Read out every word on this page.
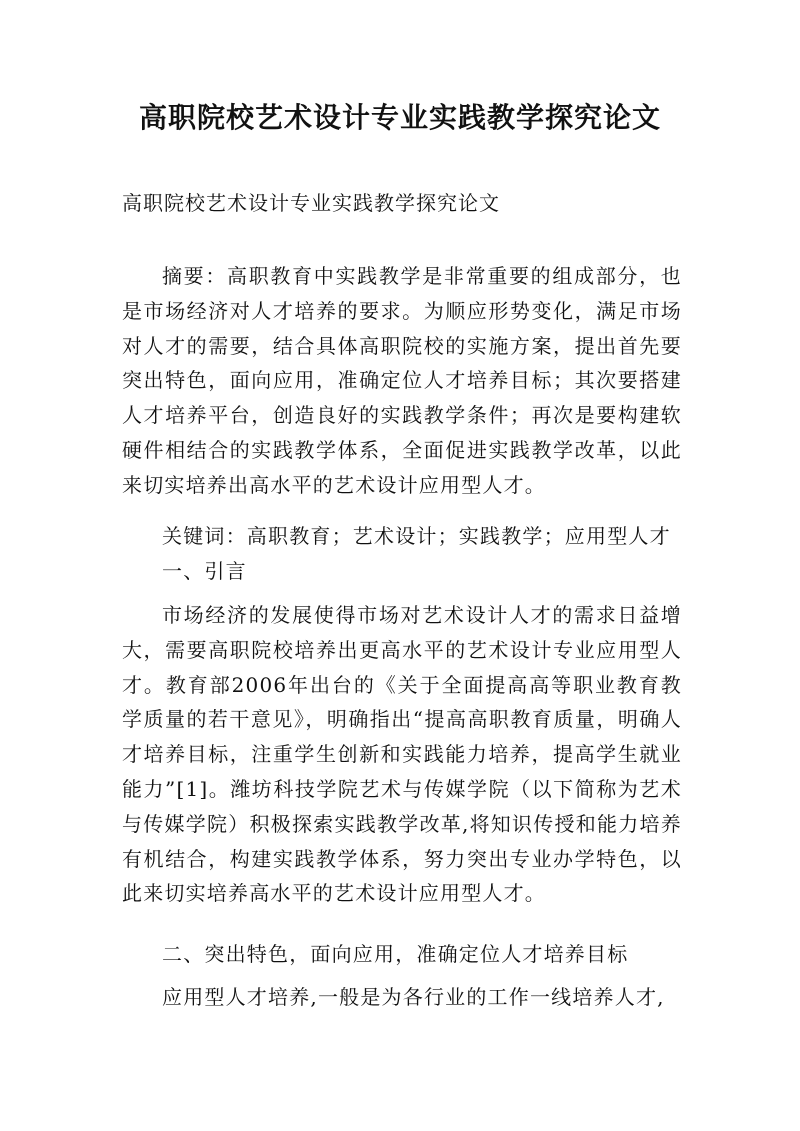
高职院校艺术设计专业实践教学探究论文
高职院校艺术设计专业实践教学探究论文

摘要：高职教育中实践教学是非常重要的组成部分，也是市场经济对人才培养的要求。为顺应形势变化，满足市场对人才的需要，结合具体高职院校的实施方案，提出首先要突出特色，面向应用，准确定位人才培养目标；其次要搭建人才培养平台，创造良好的实践教学条件；再次是要构建软硬件相结合的实践教学体系，全面促进实践教学改革，以此来切实培养出高水平的艺术设计应用型人才。

关键词：高职教育；艺术设计；实践教学；应用型人才

一、引言

市场经济的发展使得市场对艺术设计人才的需求日益增大，需要高职院校培养出更高水平的艺术设计专业应用型人才。教育部2006年出台的《关于全面提高高等职业教育教学质量的若干意见》，明确指出“提高高职教育质量，明确人才培养目标，注重学生创新和实践能力培养，提高学生就业能力”[1]。潍坊科技学院艺术与传媒学院（以下简称为艺术与传媒学院）积极探索实践教学改革,将知识传授和能力培养有机结合，构建实践教学体系，努力突出专业办学特色，以此来切实培养高水平的艺术设计应用型人才。

二、突出特色，面向应用，准确定位人才培养目标

应用型人才培养,一般是为各行业的工作一线培养人才,
